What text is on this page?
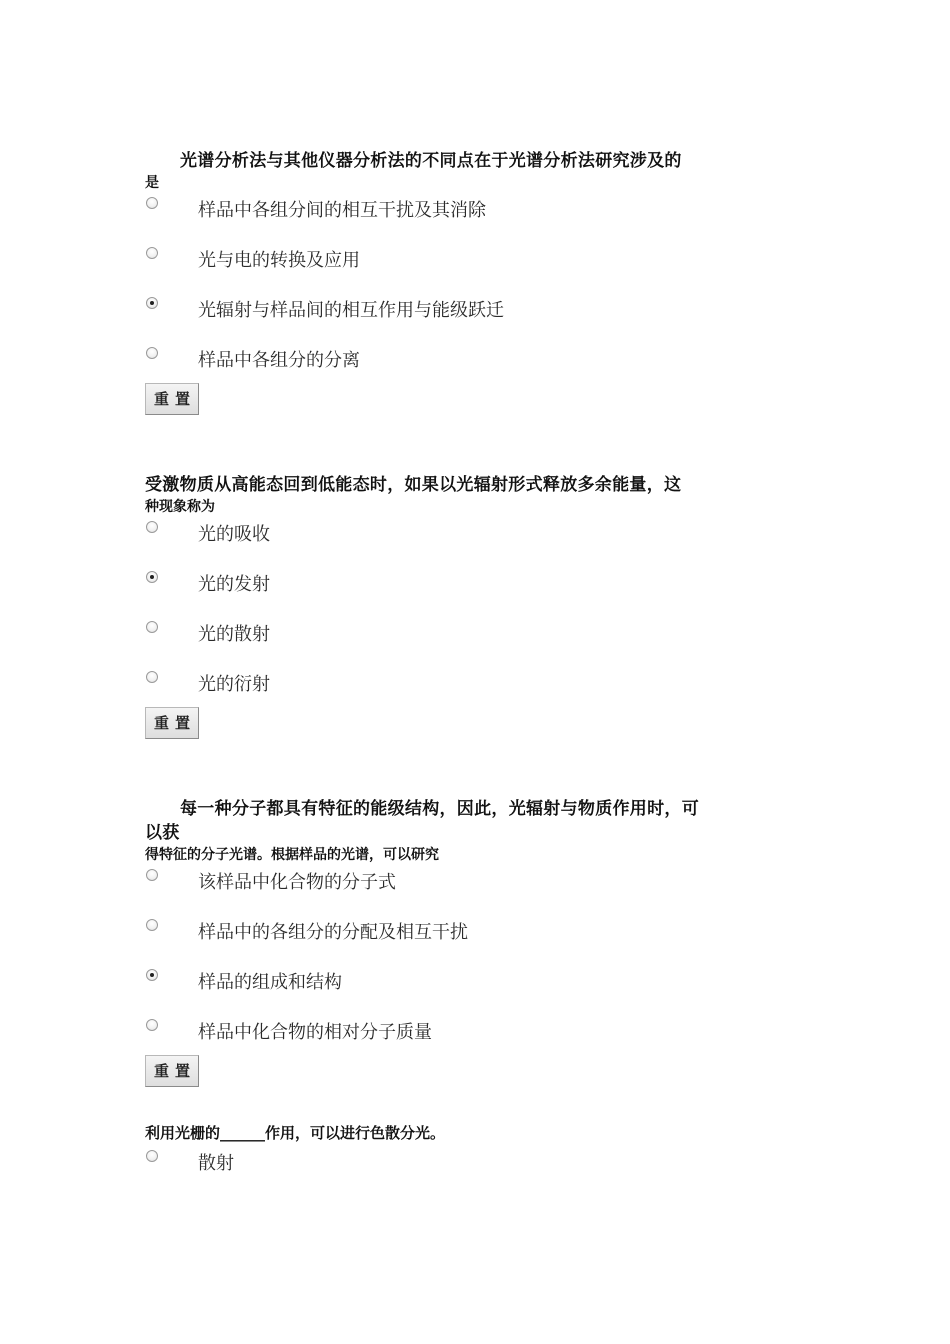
光谱分析法与其他仪器分析法的不同点在于光谱分析法研究涉及的
是
样品中各组分间的相互干扰及其消除
光与电的转换及应用
光辐射与样品间的相互作用与能级跃迁
样品中各组分的分离
重置
受激物质从高能态回到低能态时，如果以光辐射形式释放多余能量，这
种现象称为
光的吸收
光的发射
光的散射
光的衍射
重置
每一种分子都具有特征的能级结构，因此，光辐射与物质作用时，可
以获
得特征的分子光谱。根据样品的光谱，可以研究
该样品中化合物的分子式
样品中的各组分的分配及相互干扰
样品的组成和结构
样品中化合物的相对分子质量
重置
利用光栅的______作用，可以进行色散分光。
散射
